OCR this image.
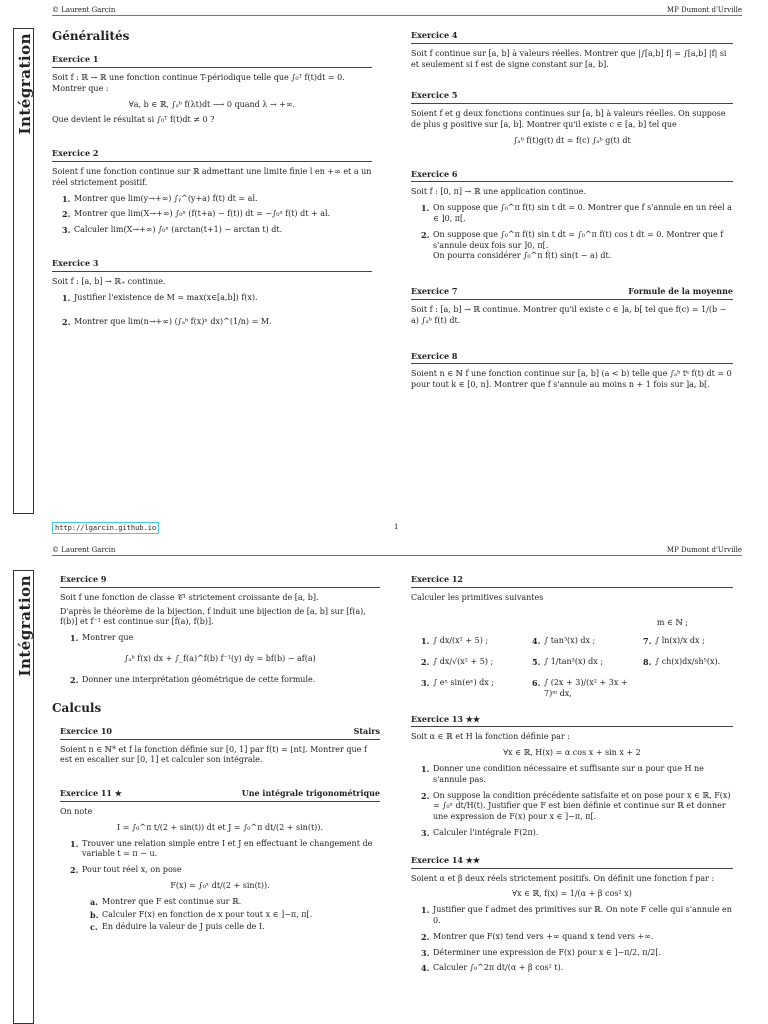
© Laurent Garcin	MP Dumont d'Urville
Intégration Généralités
Exercice 1
Soit f : ℝ → ℝ une fonction continue T-périodique telle que ∫₀ᵀ f(t)dt = 0. Montrer que :
∀a, b ∈ ℝ, ∫ₐᵇ f(λt)dt ⟶ 0 quand λ → +∞.
Que devient le résultat si ∫₀ᵀ f(t)dt ≠ 0 ?
Exercice 2
Soient f une fonction continue sur ℝ admettant une limite finie l en +∞ et a un réel strictement positif.
1. Montrer que lim(y→+∞) ∫ᵧ^(y+a) f(t) dt = al.
2. Montrer que lim(X→+∞) ∫₀ˣ (f(t+a) − f(t)) dt = −∫₀ᵃ f(t) dt + al.
3. Calculer lim(X→+∞) ∫₀ˣ (arctan(t+1) − arctan t) dt.
Exercice 3
Soit f : [a, b] → ℝ₊ continue.
1. Justifier l'existence de M = max(x∈[a,b]) f(x).
2. Montrer que lim(n→+∞) (∫ₐᵇ f(x)ⁿ dx)^(1/n) = M.
Exercice 4
Soit f continue sur [a, b] à valeurs réelles. Montrer que |∫[a,b] f| = ∫[a,b] |f| si et seulement si f est de signe constant sur [a, b].
Exercice 5
Soient f et g deux fonctions continues sur [a, b] à valeurs réelles. On suppose de plus g positive sur [a, b]. Montrer qu'il existe c ∈ [a, b] tel que
∫ₐᵇ f(t)g(t) dt = f(c) ∫ₐᵇ g(t) dt
Exercice 6
Soit f : [0, π] → ℝ une application continue.
1. On suppose que ∫₀^π f(t) sin t dt = 0. Montrer que f s'annule en un réel a ∈ ]0, π[.
2. On suppose que ∫₀^π f(t) sin t dt = ∫₀^π f(t) cos t dt = 0. Montrer que f s'annule deux fois sur ]0, π[.
On pourra considérer ∫₀^π f(t) sin(t − a) dt.
Exercice 7	Formule de la moyenne
Soit f : [a, b] → ℝ continue. Montrer qu'il existe c ∈ ]a, b[ tel que f(c) = 1/(b − a) ∫ₐᵇ f(t) dt.
Exercice 8
Soient n ∈ ℕ f une fonction continue sur [a, b] (a < b) telle que ∫ₐᵇ tᵏ f(t) dt = 0 pour tout k ∈ [0, n]. Montrer que f s'annule au moins n + 1 fois sur ]a, b[.
http://lgarcin.github.io	1
© Laurent Garcin	MP Dumont d'Urville
Intégration	Exercice 9
Soit f une fonction de classe 𝒞¹ strictement croissante de [a, b].
D'après le théorème de la bijection, f induit une bijection de [a, b] sur [f(a), f(b)] et f⁻¹ est continue sur [f(a), f(b)].
1. Montrer que
∫ₐᵇ f(x) dx + ∫_f(a)^f(b) f⁻¹(y) dy = bf(b) − af(a)
2. Donner une interprétation géométrique de cette formule.
Calculs
Exercice 10	Stairs
Soient n ∈ ℕ* et f la fonction définie sur [0, 1] par f(t) = ⌊nt⌋. Montrer que f est en escalier sur [0, 1] et calculer son intégrale.
Exercice 11 ★	Une intégrale trigonométrique
On note
I = ∫₀^π t/(2 + sin(t)) dt et J = ∫₀^π dt/(2 + sin(t)).
1. Trouver une relation simple entre I et J en effectuant le changement de variable t = π − u.
2. Pour tout réel x, on pose
F(x) = ∫₀ˣ dt/(2 + sin(t)).
a. Montrer que F est continue sur ℝ.
b. Calculer F(x) en fonction de x pour tout x ∈ ]−π, π[.
c. En déduire la valeur de J puis celle de I.
Exercice 12
Calculer les primitives suivantes
m ∈ ℕ ;
1. ∫ dx/(x² + 5) ;	4. ∫ tan³(x) dx ;	7. ∫ ln(x)/x dx ;
2. ∫ dx/√(x² + 5) ;	5. ∫ 1/tan³(x) dx ;	8. ∫ ch(x)dx/sh⁵(x).
3. ∫ eˣ sin(eˣ) dx ;	6. ∫ (2x + 3)/(x² + 3x + 7)ᵐ dx,
Exercice 13 ★★
Soit α ∈ ℝ et H la fonction définie par :
∀x ∈ ℝ, H(x) = α cos x + sin x + 2
1. Donner une condition nécessaire et suffisante sur α pour que H ne s'annule pas.
2. On suppose la condition précédente satisfaite et on pose pour x ∈ ℝ, F(x) = ∫₀ˣ dt/H(t). Justifier que F est bien définie et continue sur ℝ et donner une expression de F(x) pour x ∈ ]−π, π[.
3. Calculer l'intégrale F(2π).
Exercice 14 ★★
Soient α et β deux réels strictement positifs. On définit une fonction f par :
∀x ∈ ℝ, f(x) = 1/(α + β cos² x)
1. Justifier que f admet des primitives sur ℝ. On note F celle qui s'annule en 0.
2. Montrer que F(x) tend vers +∞ quand x tend vers +∞.
3. Déterminer une expression de F(x) pour x ∈ ]−π/2, π/2[.
4. Calculer ∫₀^2π dt/(α + β cos² t).
